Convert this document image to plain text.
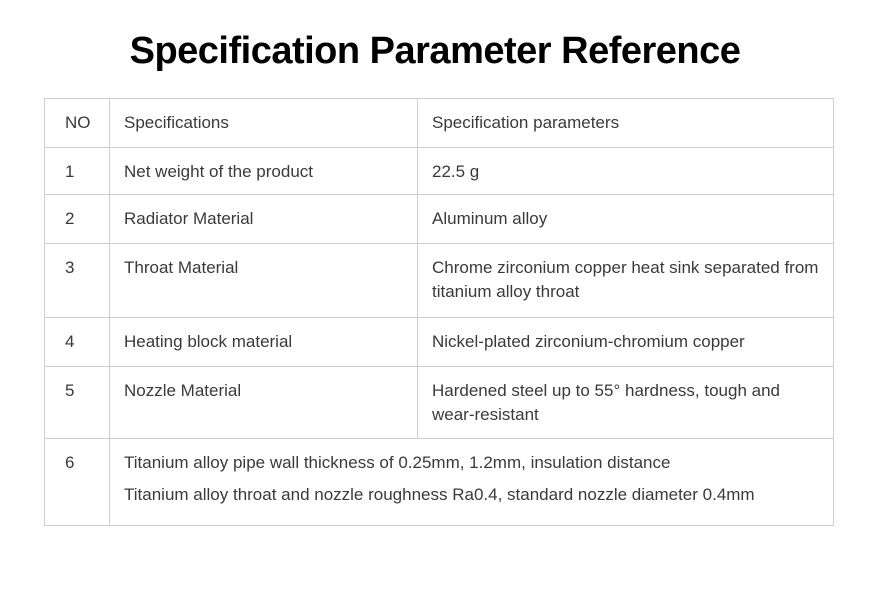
Specification Parameter Reference
NO	Specifications	Specification parameters

1	Net weight of the product	22.5 g

2	Radiator Material	Aluminum alloy

3	Throat Material	Chrome zirconium copper heat sink separated from titanium alloy throat

4	Heating block material	Nickel-plated zirconium-chromium copper

5	Nozzle Material	Hardened steel up to 55° hardness, tough and wear-resistant

6	Titanium alloy pipe wall thickness of 0.25mm, 1.2mm, insulation distance
Titanium alloy throat and nozzle roughness Ra0.4, standard nozzle diameter 0.4mm	
